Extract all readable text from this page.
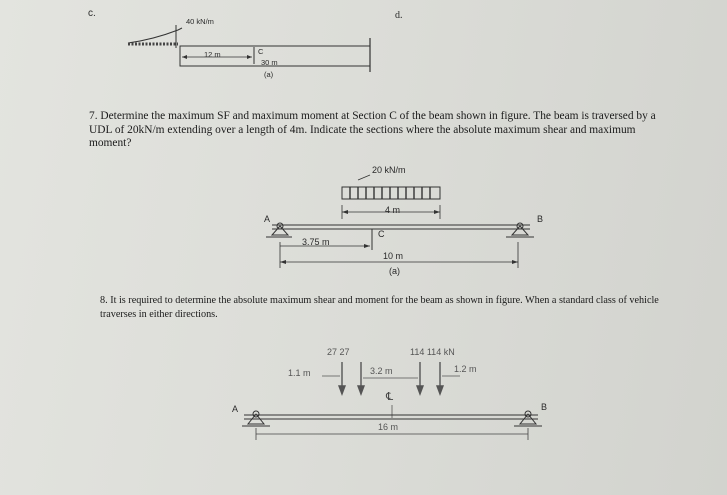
c.	d.
40 kN/m
12 m	C
30 m
(a)
7. Determine the maximum SF and maximum moment at Section C of the beam shown in figure. The beam is traversed by a UDL of 20kN/m extending over a length of 4m. Indicate the sections where the absolute maximum shear and maximum moment?
20 kN/m
4 m
A	B
C
3.75 m
10 m
(a)
8. It is required to determine the absolute maximum shear and moment for the beam as shown in figure. When a standard class of vehicle traverses in either directions.
27 27	114 114 kN
1.1 m	3.2 m	1.2 m
℄
A	B
16 m
